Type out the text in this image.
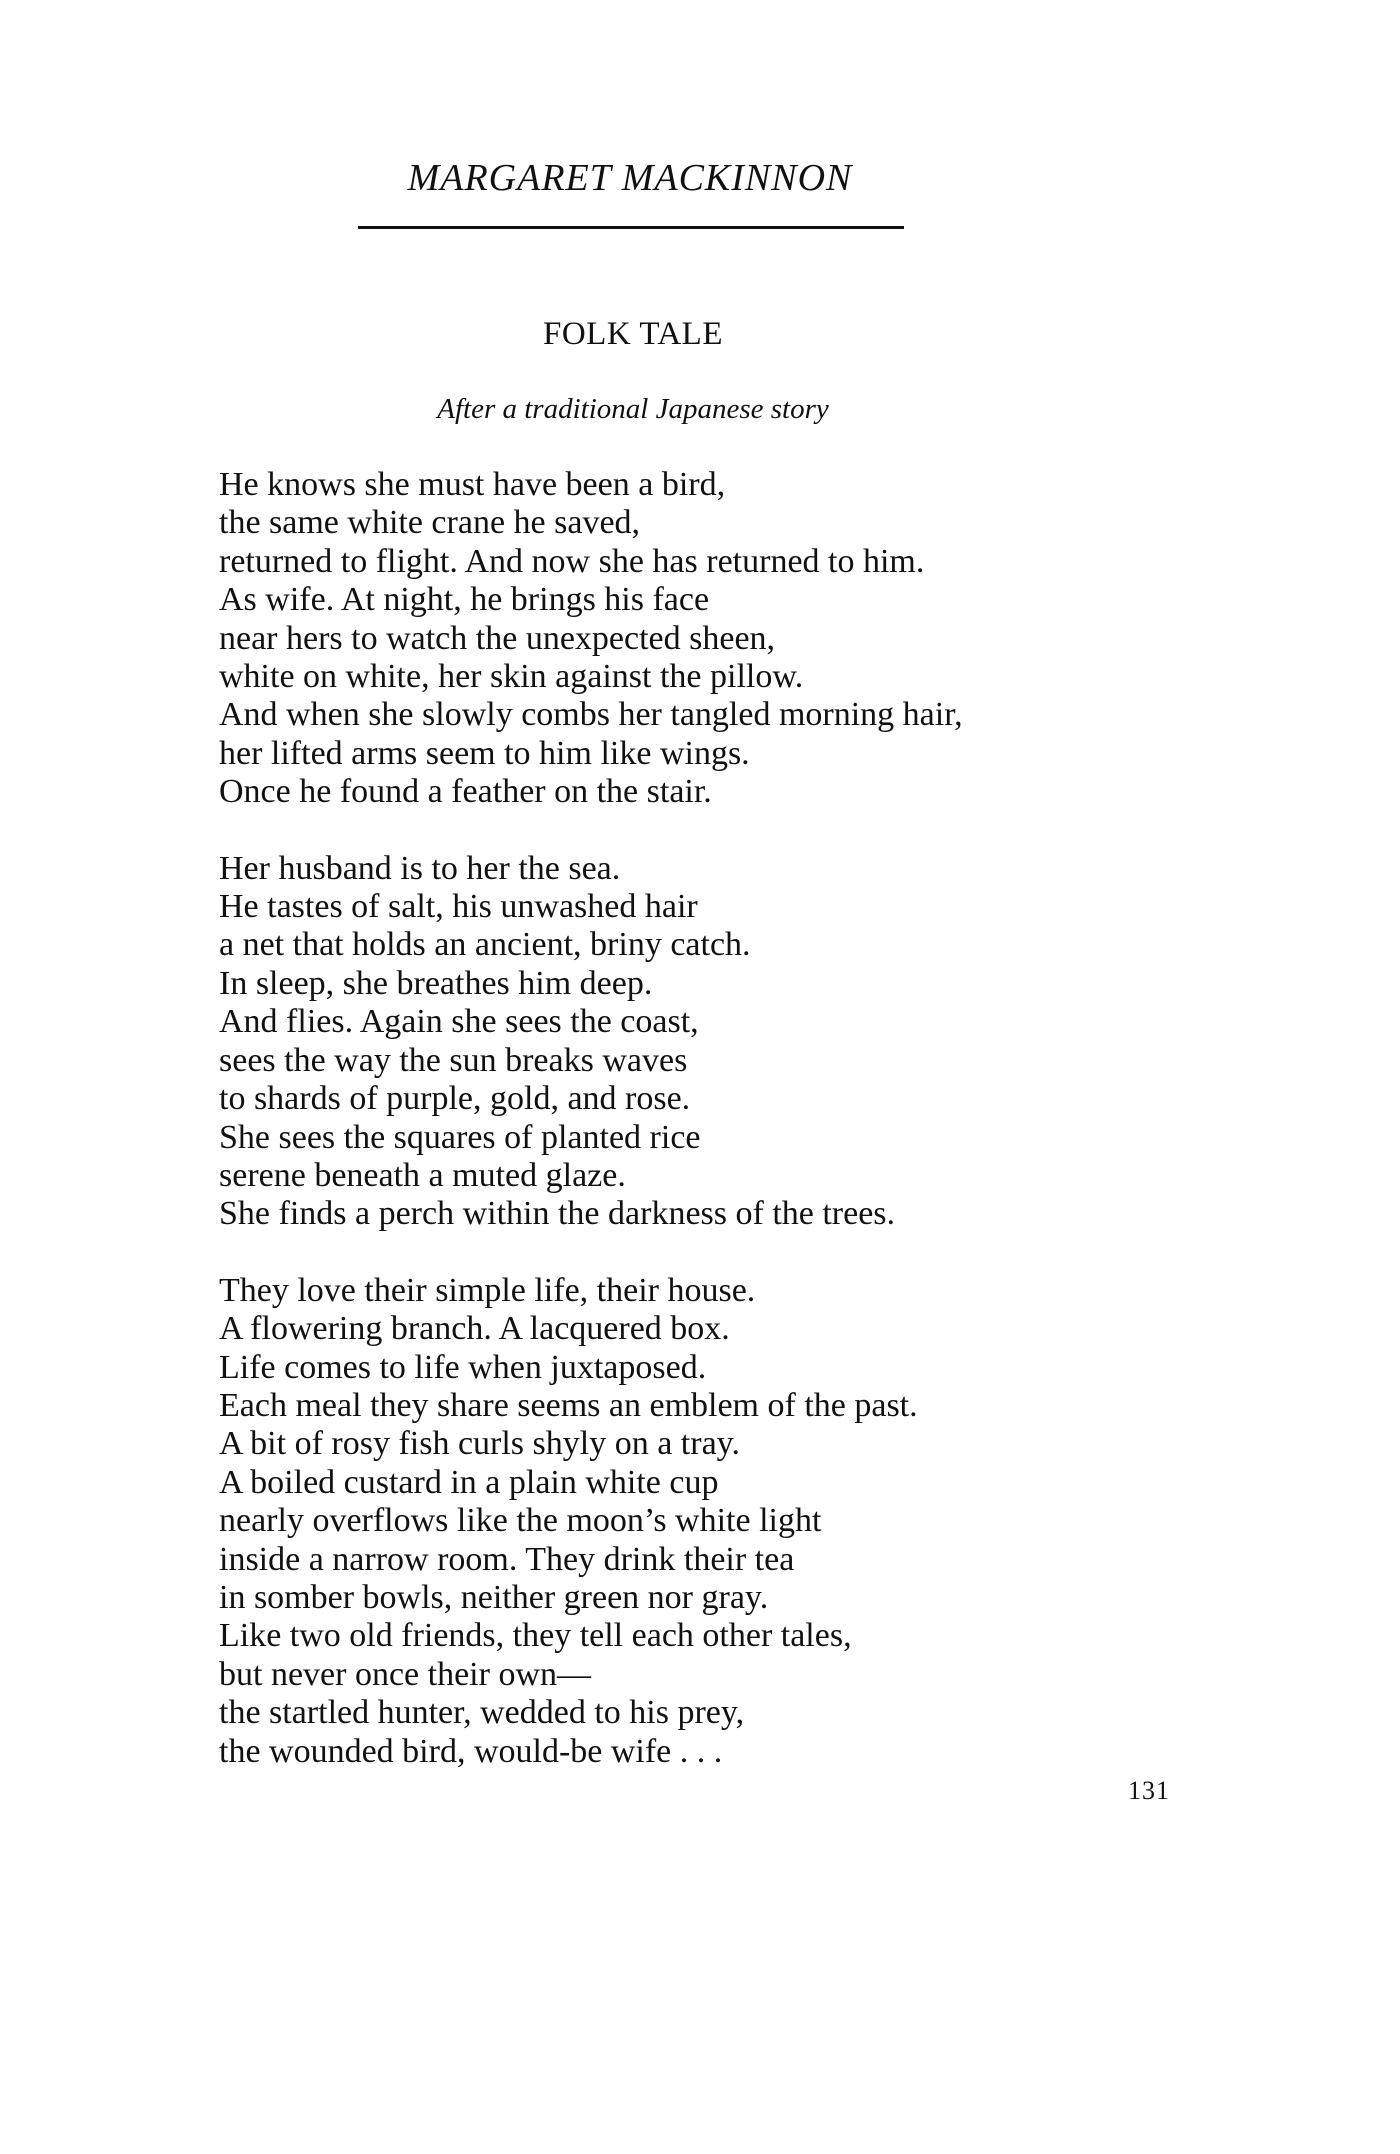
MARGARET MACKINNON
FOLK TALE
After a traditional Japanese story
He knows she must have been a bird,
the same white crane he saved,
returned to flight. And now she has returned to him.
As wife. At night, he brings his face
near hers to watch the unexpected sheen,
white on white, her skin against the pillow.
And when she slowly combs her tangled morning hair,
her lifted arms seem to him like wings.
Once he found a feather on the stair.
Her husband is to her the sea.
He tastes of salt, his unwashed hair
a net that holds an ancient, briny catch.
In sleep, she breathes him deep.
And flies. Again she sees the coast,
sees the way the sun breaks waves
to shards of purple, gold, and rose.
She sees the squares of planted rice
serene beneath a muted glaze.
She finds a perch within the darkness of the trees.
They love their simple life, their house.
A flowering branch. A lacquered box.
Life comes to life when juxtaposed.
Each meal they share seems an emblem of the past.
A bit of rosy fish curls shyly on a tray.
A boiled custard in a plain white cup
nearly overflows like the moon’s white light
inside a narrow room. They drink their tea
in somber bowls, neither green nor gray.
Like two old friends, they tell each other tales,
but never once their own—
the startled hunter, wedded to his prey,
the wounded bird, would-be wife . . .
131
